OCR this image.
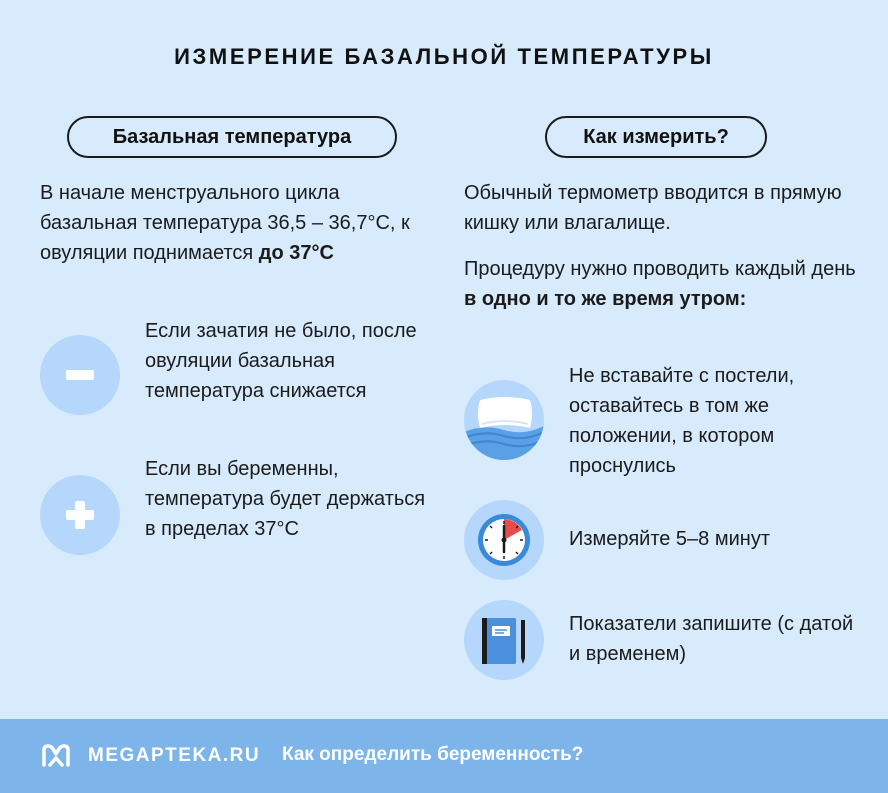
ИЗМЕРЕНИЕ БАЗАЛЬНОЙ ТЕМПЕРАТУРЫ
Базальная температура	Как измерить?
В начале менструального цикла базальная температура 36,5 – 36,7°C, к овуляции поднимается до 37°C
Если зачатия не было, после овуляции базальная температура снижается
Если вы беременны, температура будет держаться в пределах 37°C
Обычный термометр вводится в прямую кишку или влагалище.
Процедуру нужно проводить каждый день в одно и то же время утром:
Не вставайте с постели, оставайтесь в том же положении, в котором проснулись
Измеряйте 5–8 минут
Показатели запишите (с датой и временем)
MEGAPTEKA.RU Как определить беременность?
